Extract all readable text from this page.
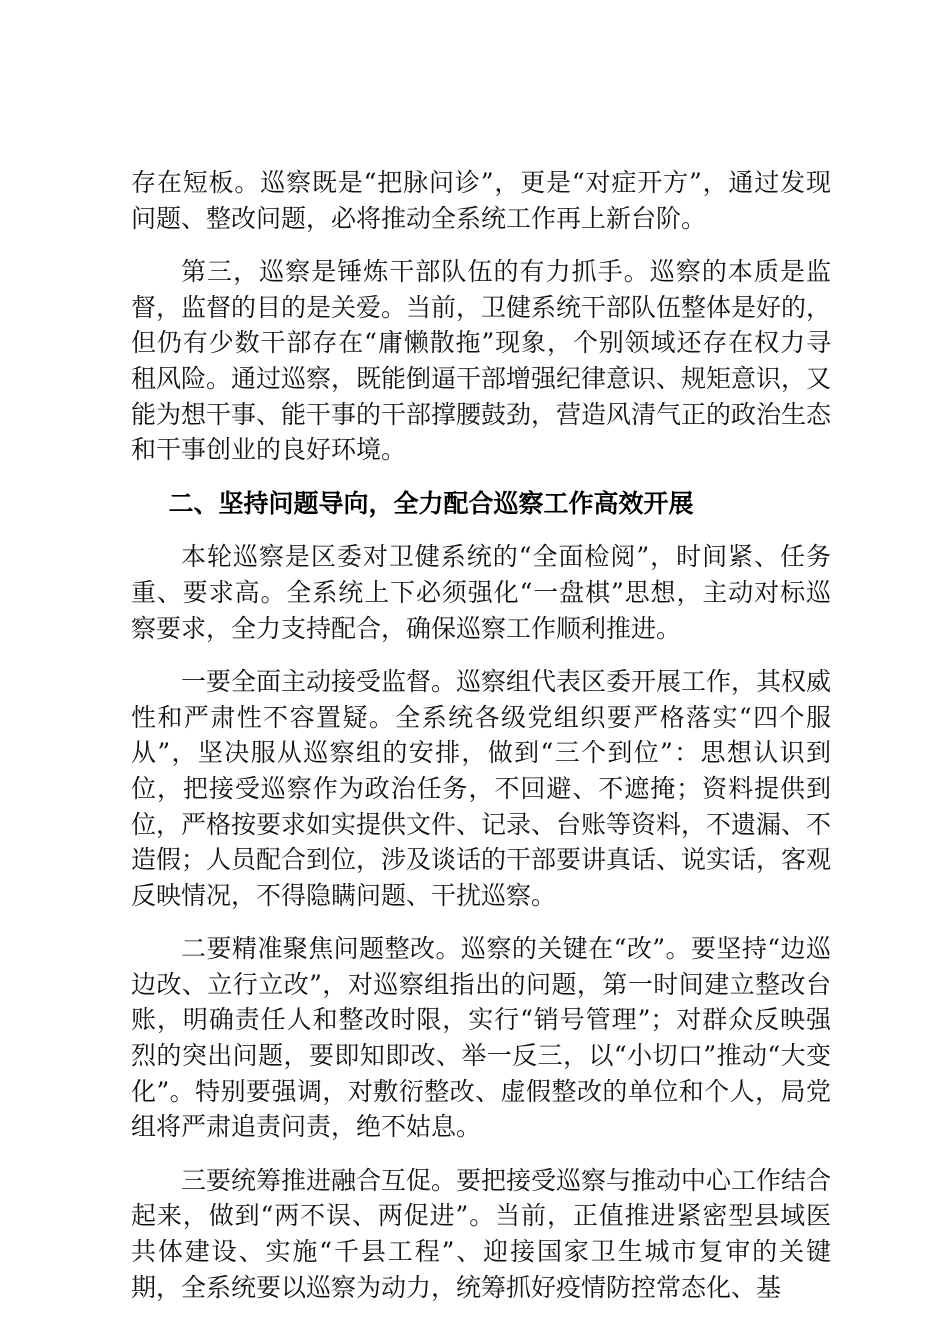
存在短板。巡察既是“把脉问诊”，更是“对症开方”，通过发现问题、整改问题，必将推动全系统工作再上新台阶。

第三，巡察是锤炼干部队伍的有力抓手。巡察的本质是监督，监督的目的是关爱。当前，卫健系统干部队伍整体是好的，但仍有少数干部存在“庸懒散拖”现象，个别领域还存在权力寻租风险。通过巡察，既能倒逼干部增强纪律意识、规矩意识，又能为想干事、能干事的干部撑腰鼓劲，营造风清气正的政治生态和干事创业的良好环境。

二、坚持问题导向，全力配合巡察工作高效开展

本轮巡察是区委对卫健系统的“全面检阅”，时间紧、任务重、要求高。全系统上下必须强化“一盘棋”思想，主动对标巡察要求，全力支持配合，确保巡察工作顺利推进。

一要全面主动接受监督。巡察组代表区委开展工作，其权威性和严肃性不容置疑。全系统各级党组织要严格落实“四个服从”，坚决服从巡察组的安排，做到“三个到位”：思想认识到位，把接受巡察作为政治任务，不回避、不遮掩；资料提供到位，严格按要求如实提供文件、记录、台账等资料，不遗漏、不造假；人员配合到位，涉及谈话的干部要讲真话、说实话，客观反映情况，不得隐瞒问题、干扰巡察。

二要精准聚焦问题整改。巡察的关键在“改”。要坚持“边巡边改、立行立改”，对巡察组指出的问题，第一时间建立整改台账，明确责任人和整改时限，实行“销号管理”；对群众反映强烈的突出问题，要即知即改、举一反三，以“小切口”推动“大变化”。特别要强调，对敷衍整改、虚假整改的单位和个人，局党组将严肃追责问责，绝不姑息。

三要统筹推进融合互促。要把接受巡察与推动中心工作结合起来，做到“两不误、两促进”。当前，正值推进紧密型县域医共体建设、实施“千县工程”、迎接国家卫生城市复审的关键期，全系统要以巡察为动力，统筹抓好疫情防控常态化、基
